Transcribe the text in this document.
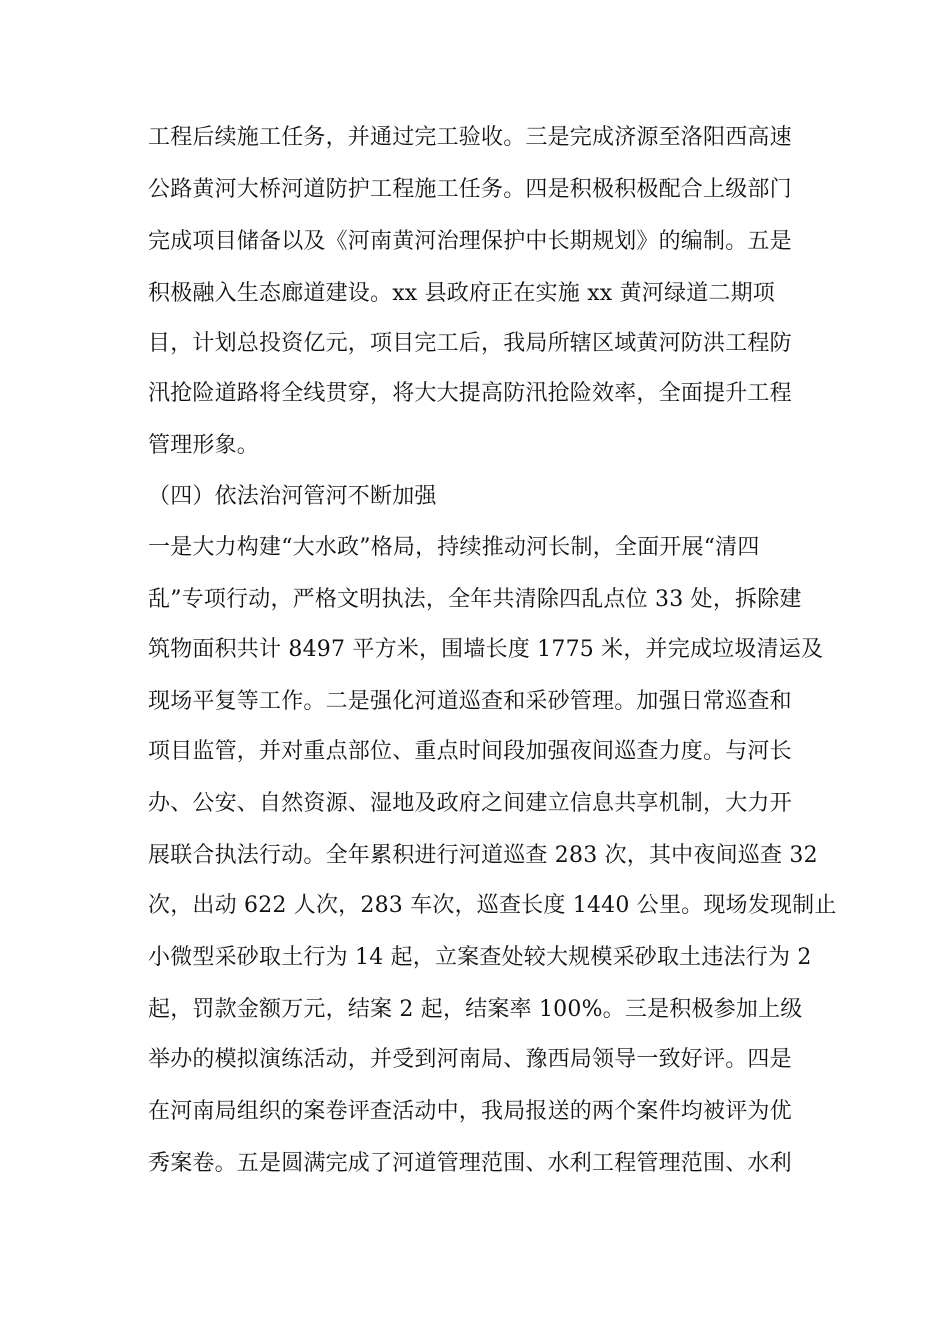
工程后续施工任务，并通过完工验收。三是完成济源至洛阳西高速
公路黄河大桥河道防护工程施工任务。四是积极积极配合上级部门
完成项目储备以及《河南黄河治理保护中长期规划》的编制。五是
积极融入生态廊道建设。xx 县政府正在实施 xx 黄河绿道二期项
目，计划总投资亿元，项目完工后，我局所辖区域黄河防洪工程防
汛抢险道路将全线贯穿，将大大提高防汛抢险效率，全面提升工程
管理形象。
（四）依法治河管河不断加强
一是大力构建“大水政”格局，持续推动河长制，全面开展“清四
乱”专项行动，严格文明执法，全年共清除四乱点位 33 处，拆除建
筑物面积共计 8497 平方米，围墙长度 1775 米，并完成垃圾清运及
现场平复等工作。二是强化河道巡查和采砂管理。加强日常巡查和
项目监管，并对重点部位、重点时间段加强夜间巡查力度。与河长
办、公安、自然资源、湿地及政府之间建立信息共享机制，大力开
展联合执法行动。全年累积进行河道巡查 283 次，其中夜间巡查 32
次，出动 622 人次，283 车次，巡查长度 1440 公里。现场发现制止
小微型采砂取土行为 14 起，立案查处较大规模采砂取土违法行为 2
起，罚款金额万元，结案 2 起，结案率 100%。三是积极参加上级
举办的模拟演练活动，并受到河南局、豫西局领导一致好评。四是
在河南局组织的案卷评查活动中，我局报送的两个案件均被评为优
秀案卷。五是圆满完成了河道管理范围、水利工程管理范围、水利
